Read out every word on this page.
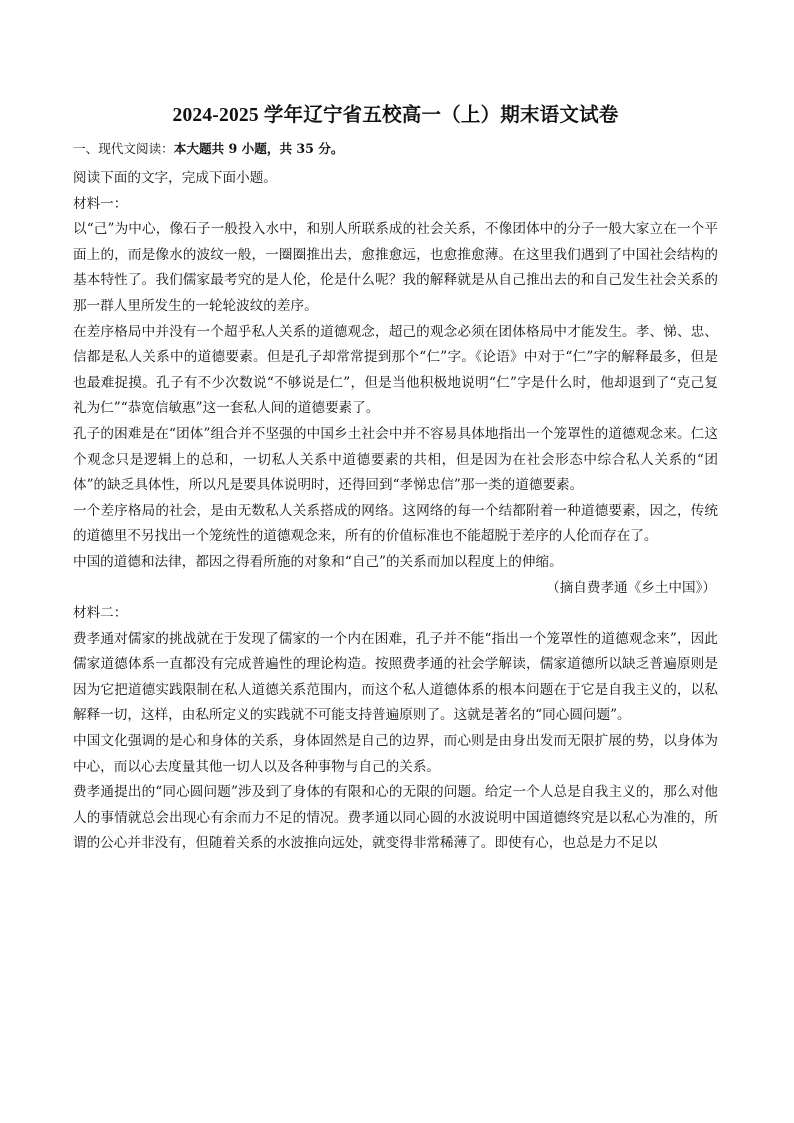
2024-2025 学年辽宁省五校高一（上）期末语文试卷
一、现代文阅读：本大题共 9 小题，共 35 分。

阅读下面的文字，完成下面小题。

材料一：

以“己”为中心，像石子一般投入水中，和别人所联系成的社会关系，不像团体中的分子一般大家立在一个平面上的，而是像水的波纹一般，一圈圈推出去，愈推愈远，也愈推愈薄。在这里我们遇到了中国社会结构的基本特性了。我们儒家最考究的是人伦，伦是什么呢？我的解释就是从自己推出去的和自己发生社会关系的那一群人里所发生的一轮轮波纹的差序。

在差序格局中并没有一个超乎私人关系的道德观念，超己的观念必须在团体格局中才能发生。孝、悌、忠、信都是私人关系中的道德要素。但是孔子却常常提到那个“仁”字。《论语》中对于“仁”字的解释最多，但是也最难捉摸。孔子有不少次数说“不够说是仁”，但是当他积极地说明“仁”字是什么时，他却退到了“克己复礼为仁”“恭宽信敏惠”这一套私人间的道德要素了。

孔子的困难是在“团体”组合并不坚强的中国乡土社会中并不容易具体地指出一个笼罩性的道德观念来。仁这个观念只是逻辑上的总和，一切私人关系中道德要素的共相，但是因为在社会形态中综合私人关系的“团体”的缺乏具体性，所以凡是要具体说明时，还得回到“孝悌忠信”那一类的道德要素。

一个差序格局的社会，是由无数私人关系搭成的网络。这网络的每一个结都附着一种道德要素，因之，传统的道德里不另找出一个笼统性的道德观念来，所有的价值标准也不能超脱于差序的人伦而存在了。

中国的道德和法律，都因之得看所施的对象和“自己”的关系而加以程度上的伸缩。

（摘自费孝通《乡土中国》）

材料二：

费孝通对儒家的挑战就在于发现了儒家的一个内在困难，孔子并不能“指出一个笼罩性的道德观念来”，因此儒家道德体系一直都没有完成普遍性的理论构造。按照费孝通的社会学解读，儒家道德所以缺乏普遍原则是因为它把道德实践限制在私人道德关系范围内，而这个私人道德体系的根本问题在于它是自我主义的，以私解释一切，这样，由私所定义的实践就不可能支持普遍原则了。这就是著名的“同心圆问题”。

中国文化强调的是心和身体的关系，身体固然是自己的边界，而心则是由身出发而无限扩展的势，以身体为中心，而以心去度量其他一切人以及各种事物与自己的关系。

费孝通提出的“同心圆问题”涉及到了身体的有限和心的无限的问题。给定一个人总是自我主义的，那么对他人的事情就总会出现心有余而力不足的情况。费孝通以同心圆的水波说明中国道德终究是以私心为准的，所谓的公心并非没有，但随着关系的水波推向远处，就变得非常稀薄了。即使有心，也总是力不足以
